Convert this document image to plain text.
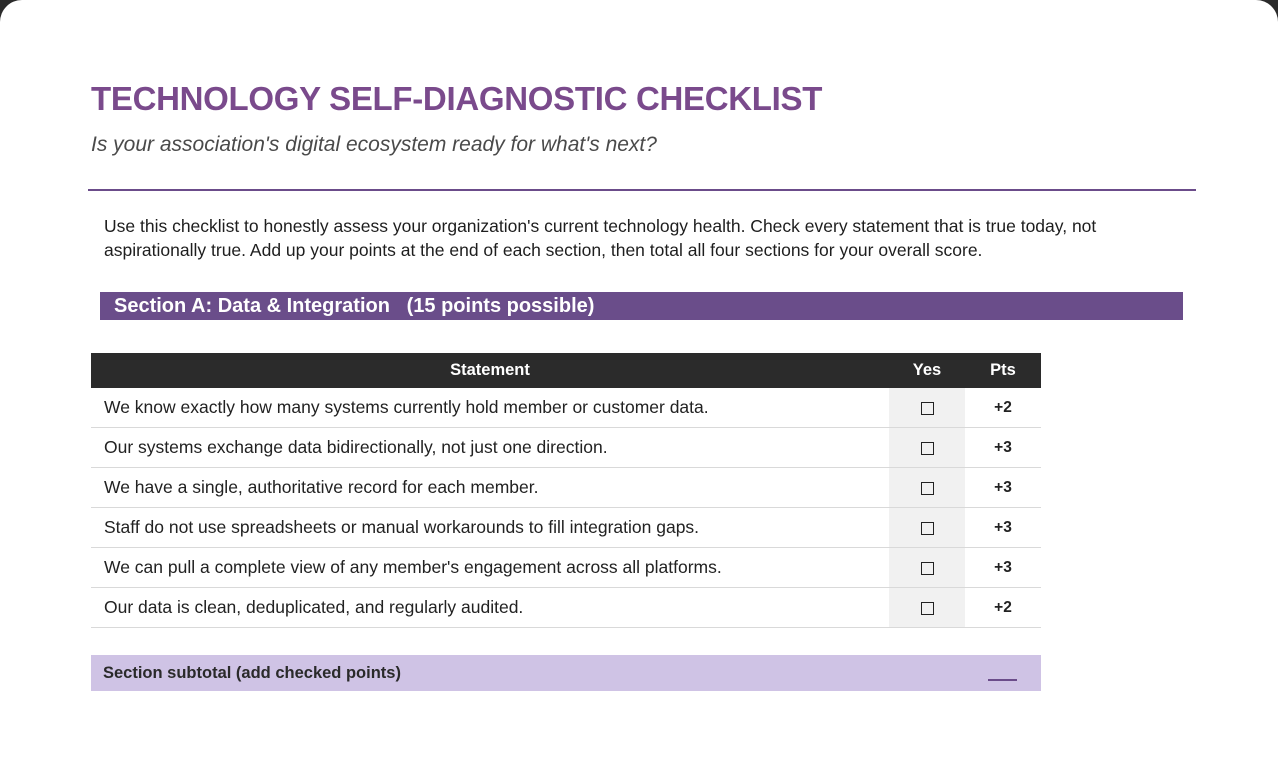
TECHNOLOGY SELF-DIAGNOSTIC CHECKLIST
Is your association's digital ecosystem ready for what's next?
Use this checklist to honestly assess your organization's current technology health. Check every statement that is true today, not aspirationally true. Add up your points at the end of each section, then total all four sections for your overall score.
Section A: Data & Integration   (15 points possible)
Statement	Yes	Pts
We know exactly how many systems currently hold member or customer data.		+2
Our systems exchange data bidirectionally, not just one direction.		+3
We have a single, authoritative record for each member.		+3
Staff do not use spreadsheets or manual workarounds to fill integration gaps.		+3
We can pull a complete view of any member's engagement across all platforms.		+3
Our data is clean, deduplicated, and regularly audited.		+2
Section subtotal (add checked points)
